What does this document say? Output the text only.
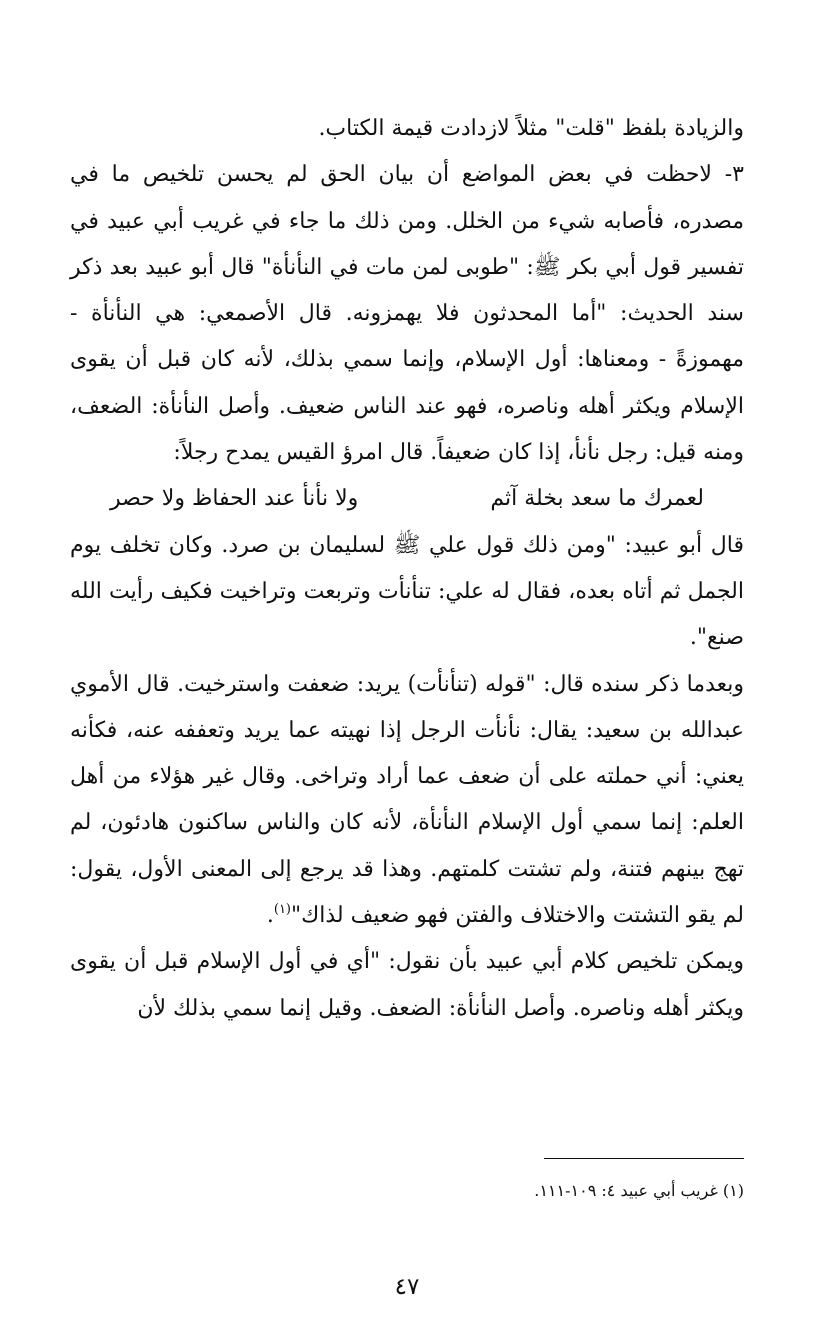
والزيادة بلفظ "قلت" مثلاً لازدادت قيمة الكتاب.

٣- لاحظت في بعض المواضع أن بيان الحق لم يحسن تلخيص ما في مصدره، فأصابه شيء من الخلل. ومن ذلك ما جاء في غريب أبي عبيد في تفسير قول أبي بكر ﷺ: "طوبى لمن مات في النأنأة" قال أبو عبيد بعد ذكر سند الحديث: "أما المحدثون فلا يهمزونه. قال الأصمعي: هي النأنأة - مهموزةً - ومعناها: أول الإسلام، وإنما سمي بذلك، لأنه كان قبل أن يقوى الإسلام ويكثر أهله وناصره، فهو عند الناس ضعيف. وأصل النأنأة: الضعف، ومنه قيل: رجل نأنأ، إذا كان ضعيفاً. قال امرؤ القيس يمدح رجلاً:

لعمرك ما سعد بخلة آثم
ولا نأنأ عند الحفاظ ولا حصر

قال أبو عبيد: "ومن ذلك قول علي ﷺ لسليمان بن صرد. وكان تخلف يوم الجمل ثم أتاه بعده، فقال له علي: تنأنأت وتربعت وتراخيت فكيف رأيت الله صنع".

وبعدما ذكر سنده قال: "قوله (تنأنأت) يريد: ضعفت واسترخيت. قال الأموي عبدالله بن سعيد: يقال: نأنأت الرجل إذا نهيته عما يريد وتعففه عنه، فكأنه يعني: أني حملته على أن ضعف عما أراد وتراخى. وقال غير هؤلاء من أهل العلم: إنما سمي أول الإسلام النأنأة، لأنه كان والناس ساكنون هادئون، لم تهج بينهم فتنة، ولم تشتت كلمتهم. وهذا قد يرجع إلى المعنى الأول، يقول: لم يقو التشتت والاختلاف والفتن فهو ضعيف لذاك"$^{(١)}$.

ويمكن تلخيص كلام أبي عبيد بأن نقول: "أي في أول الإسلام قبل أن يقوى ويكثر أهله وناصره. وأصل النأنأة: الضعف. وقيل إنما سمي بذلك لأن

(١) غريب أبي عبيد ٤: ١٠٩-١١١.
٤٧
